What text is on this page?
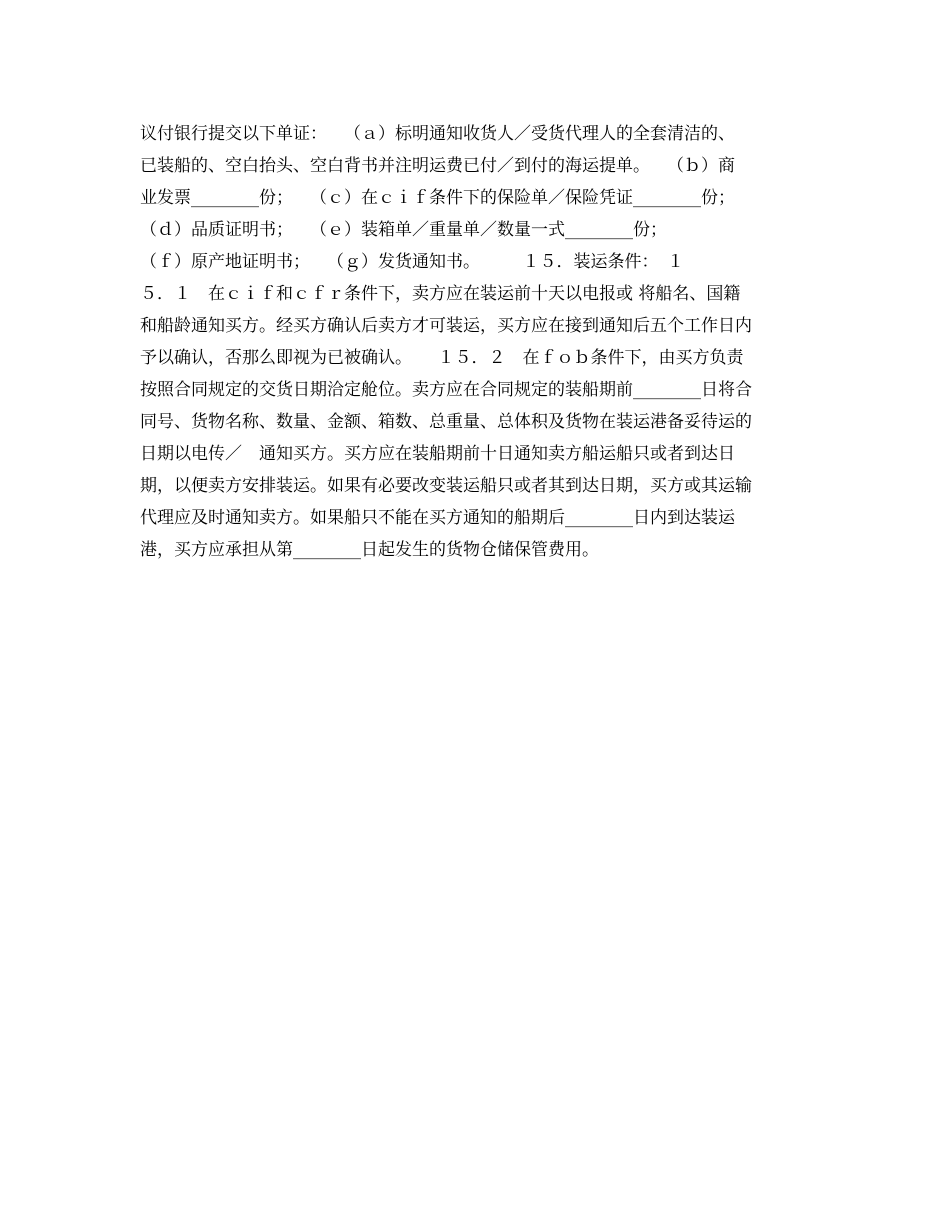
议付银行提交以下单证：　　（ａ）标明通知收货人／受货代理人的全套清洁的、
已装船的、空白抬头、空白背书并注明运费已付／到付的海运提单。　　（ｂ）商
业发票________份；　　（ｃ）在ｃｉｆ条件下的保险单／保险凭证________份；
（ｄ）品质证明书；　　（ｅ）装箱单／重量单／数量一式________份；
（ｆ）原产地证明书；　　（ｇ）发货通知书。　　　１５．装运条件：　１
５．１　在ｃｉｆ和ｃｆｒ条件下，卖方应在装运前十天以电报或 将船名、国籍
和船龄通知买方。经买方确认后卖方才可装运，买方应在接到通知后五个工作日内
予以确认，否那么即视为已被确认。　　１５．２　在ｆｏｂ条件下，由买方负责
按照合同规定的交货日期洽定舱位。卖方应在合同规定的装船期前________日将合
同号、货物名称、数量、金额、箱数、总重量、总体积及货物在装运港备妥待运的
日期以电传／　通知买方。买方应在装船期前十日通知卖方船运船只或者到达日
期，以便卖方安排装运。如果有必要改变装运船只或者其到达日期，买方或其运输
代理应及时通知卖方。如果船只不能在买方通知的船期后________日内到达装运
港，买方应承担从第________日起发生的货物仓储保管费用。
